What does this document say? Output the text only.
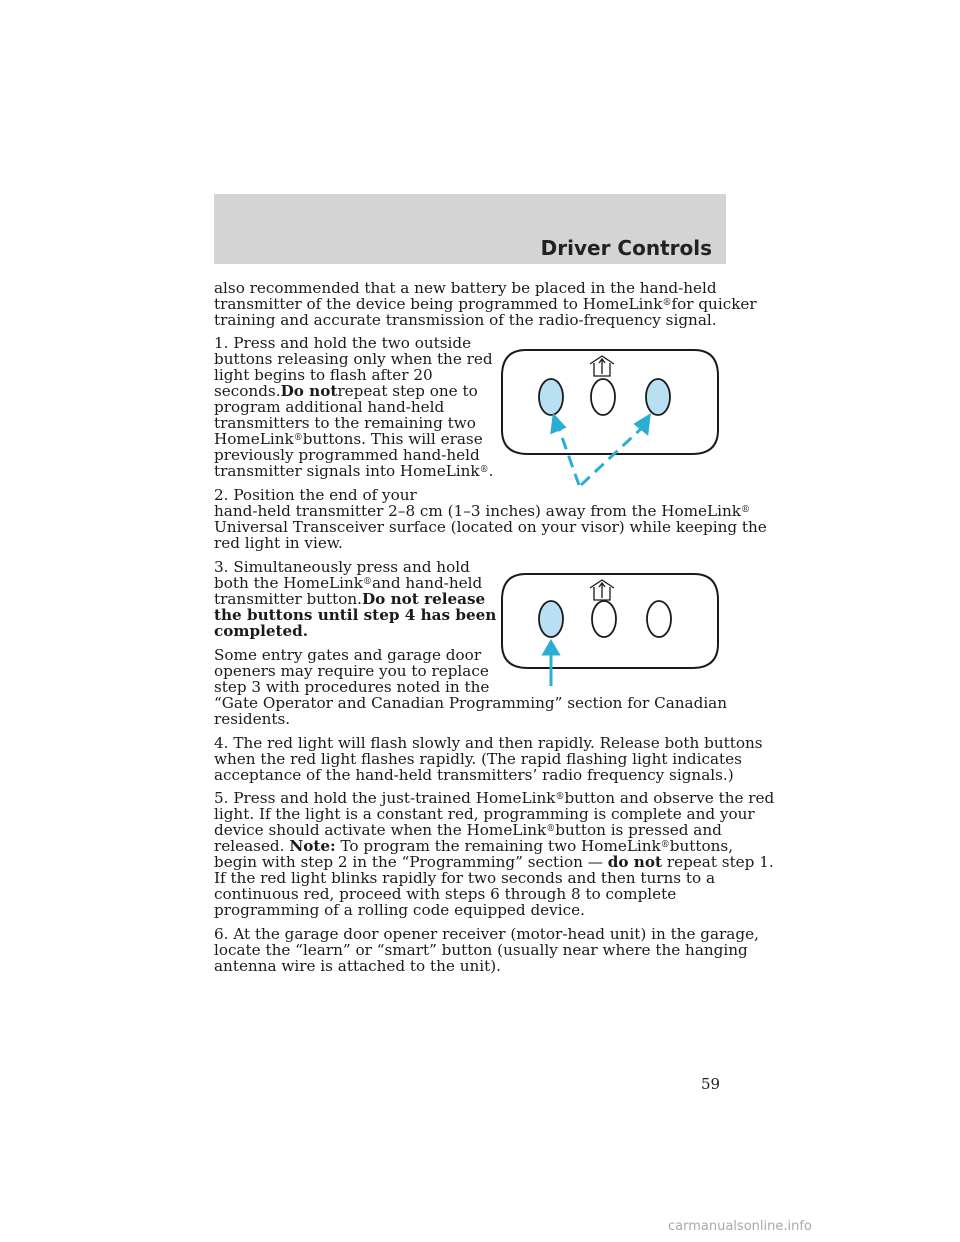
Driver Controls
also recommended that a new battery be placed in the hand-held
transmitter of the device being programmed to HomeLink®for quicker
training and accurate transmission of the radio-frequency signal.
1. Press and hold the two outside
buttons releasing only when the red
light begins to flash after 20
seconds.Do notrepeat step one to
program additional hand-held
transmitters to the remaining two
HomeLink®buttons. This will erase
previously programmed hand-held
transmitter signals into HomeLink®.
2. Position the end of your
hand-held transmitter 2–8 cm (1–3 inches) away from the HomeLink®
Universal Transceiver surface (located on your visor) while keeping the
red light in view.
3. Simultaneously press and hold
both the HomeLink®and hand-held
transmitter button.Do not release
the buttons until step 4 has been
completed.
Some entry gates and garage door
openers may require you to replace
step 3 with procedures noted in the
“Gate Operator and Canadian Programming” section for Canadian
residents.
4. The red light will flash slowly and then rapidly. Release both buttons
when the red light flashes rapidly. (The rapid flashing light indicates
acceptance of the hand-held transmitters’ radio frequency signals.)
5. Press and hold the just-trained HomeLink®button and observe the red
light. If the light is a constant red, programming is complete and your
device should activate when the HomeLink®button is pressed and
released. Note: To program the remaining two HomeLink®buttons,
begin with step 2 in the “Programming” section — do not repeat step 1.
If the red light blinks rapidly for two seconds and then turns to a
continuous red, proceed with steps 6 through 8 to complete
programming of a rolling code equipped device.
6. At the garage door opener receiver (motor-head unit) in the garage,
locate the “learn” or “smart” button (usually near where the hanging
antenna wire is attached to the unit).
59
carmanualsonline.info
